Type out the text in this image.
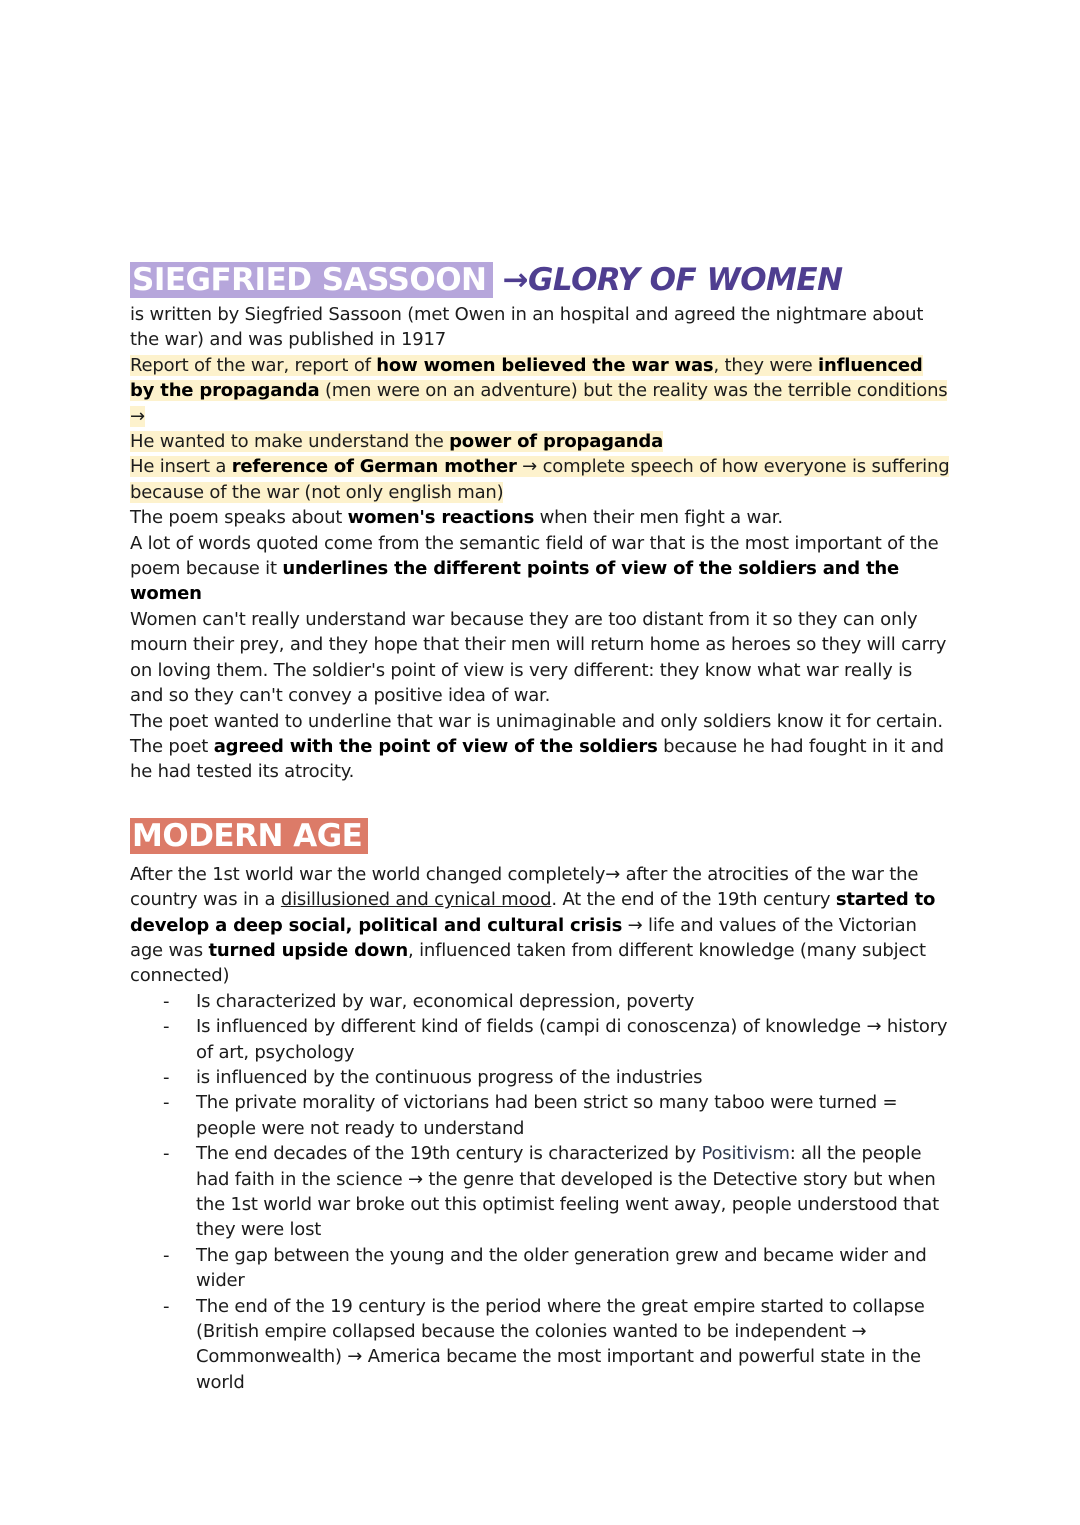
SIEGFRIED SASSOON →GLORY OF WOMEN

is written by Siegfried Sassoon (met Owen in an hospital and agreed the nightmare about the war) and was published in 1917

Report of the war, report of how women believed the war was, they were influenced by the propaganda (men were on an adventure) but the reality was the terrible conditions →

He wanted to make understand the power of propaganda

He insert a reference of German mother → complete speech of how everyone is suffering because of the war (not only english man)

The poem speaks about women's reactions when their men fight a war.

A lot of words quoted come from the semantic field of war that is the most important of the poem because it underlines the different points of view of the soldiers and the women

Women can't really understand war because they are too distant from it so they can only mourn their prey, and they hope that their men will return home as heroes so they will carry on loving them. The soldier's point of view is very different: they know what war really is and so they can't convey a positive idea of war.

The poet wanted to underline that war is unimaginable and only soldiers know it for certain. The poet agreed with the point of view of the soldiers because he had fought in it and he had tested its atrocity.

MODERN AGE

After the 1st world war the world changed completely→ after the atrocities of the war the country was in a disillusioned and cynical mood. At the end of the 19th century started to develop a deep social, political and cultural crisis → life and values of the Victorian age was turned upside down, influenced taken from different knowledge (many subject connected)

- Is characterized by war, economical depression, poverty
- Is influenced by different kind of fields (campi di conoscenza) of knowledge → history of art, psychology
- is influenced by the continuous progress of the industries
- The private morality of victorians had been strict so many taboo were turned = people were not ready to understand
- The end decades of the 19th century is characterized by Positivism: all the people had faith in the science → the genre that developed is the Detective story but when the 1st world war broke out this optimist feeling went away, people understood that they were lost
- The gap between the young and the older generation grew and became wider and wider
- The end of the 19 century is the period where the great empire started to collapse (British empire collapsed because the colonies wanted to be independent → Commonwealth) → America became the most important and powerful state in the world
